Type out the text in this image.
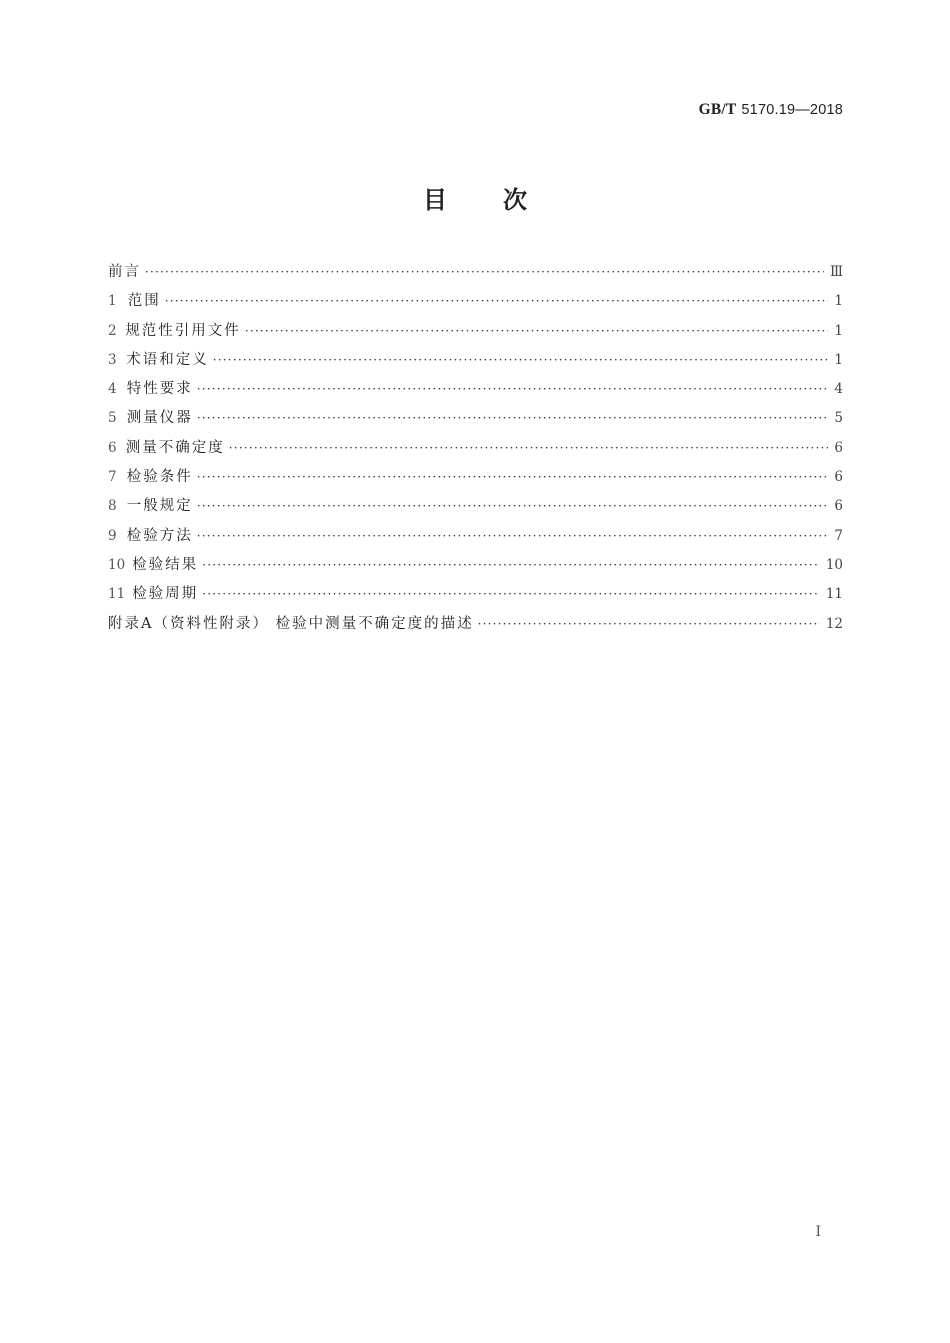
GB/T 5170.19—2018
目 次
前言 ·····	Ⅲ
1 范围 ·····	1
2 规范性引用文件 ·····	1
3 术语和定义 ·····	1
4 特性要求 ·····	4
5 测量仪器 ·····	5
6 测量不确定度 ·····	6
7 检验条件 ·····	6
8 一般规定 ·····	6
9 检验方法 ·····	7
10 检验结果 ·····	10
11 检验周期 ·····	11
附录A（资料性附录） 检验中测量不确定度的描述 ·····	12
I
